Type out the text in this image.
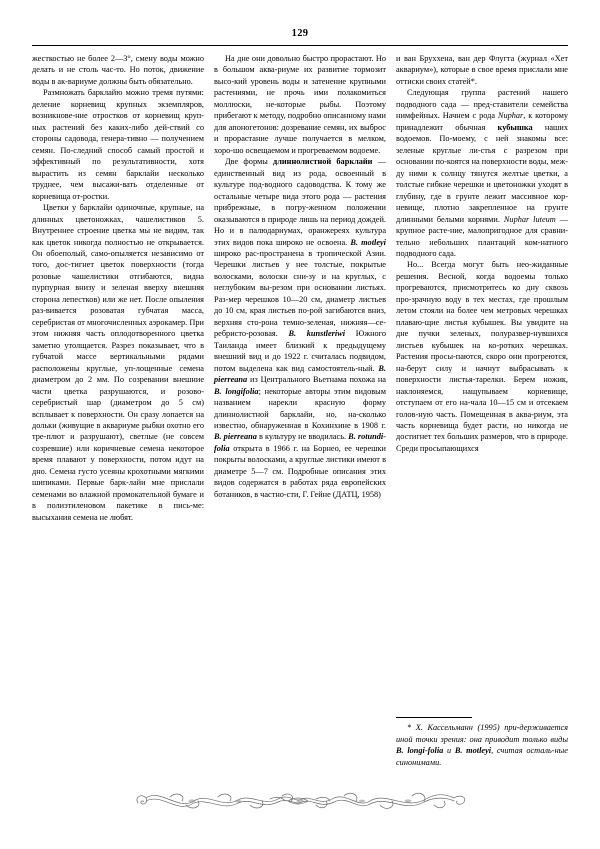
129

жесткостью не более 2—3°, смену воды можно делать и не столь час-то. Но поток, движение воды в ак-вариуме должны быть обязательно.

Размножать барклайю можно тремя путями: деление корневищ крупных экземпляров, возникнове-ние отростков от корневищ круп-ных растений без каких-либо дей-ствий со стороны садовода, генера-тивно — получением семян. По-следний способ самый простой и эффективный по результативности, хотя вырастить из семян барклайи несколько труднее, чем высажи-вать отделенные от корневища от-ростки.

Цветки у барклайи одиночные, крупные, на длинных цветоножках, чашелистиков 5. Внутреннее строение цветка мы не видим, так как цветок никогда полностью не открывается. Он обоеполый, само-опыляется независимо от того, дос-тигнет цветок поверхности (тогда розовые чашелистики отгибаются, видна пурпурная внизу и зеленая вверху внешняя сторона лепестков) или же нет. После опыления раз-вивается розоватая губчатая масса, серебристая от многочисленных аэрокамер. При этом нижняя часть оплодотворенного цветка заметно утолщается. Разрез показывает, что в губчатой массе вертикальными рядами расположены круглые, уп-лощенные семена диаметром до 2 мм. По созревании внешние части цветка разрушаются, и розово-серебристый шар (диаметром до 5 см) всплывает к поверхности. Он сразу лопается на дольки (живущие в аквариуме рыбки охотно его тре-плют и разрушают), светлые (не совсем созревшие) или коричневые семена некоторое время плавают у поверхности, потом идут на дно. Семена густо усеяны крохотными мягкими шипиками. Первые барк-лайи мне прислали семенами во влажной промокательной бумаге и в полиэтиленовом пакетике в пись-ме: высыхания семена не любят.

На дне они довольно быстро прорастают. Но в большом аква-риуме их развитие тормозит высо-кий уровень воды и затенение крупными растениями, не прочь ими полакомиться моллюски, не-которые рыбы. Поэтому прибегают к методу, подробно описанному нами для апоногетонов: дозревание семян, их выброс и прорастание лучше получается в мелком, хоро-шо освещаемом и прогреваемом водоеме.

Две формы длиннолистной барклайи — единственный вид из рода, освоенный в культуре под-водного садоводства. К тому же остальные четыре вида этого рода — растения прибрежные, в погру-женном положении оказываются в природе лишь на период дождей. Но и в палюдариумах, оранжереях культура этих видов пока широко не освоена. B. motleyi широко рас-пространена в тропической Азии. Черешки листьев у нее толстые, покрытые волосками, волоски сни-зу и на круглых, с неглубоким вы-резом при основании листьях. Раз-мер черешков 10—20 см, диаметр листьев до 10 см, края листьев по-рой загибаются вниз, верхняя сто-рона темно-зеленая, нижняя—се-ребристо-розовая. B. kunstleriwi Южного Таиланда имеет близкий к предыдущему внешний вид и до 1922 г. считалась подвидом, потом выделена как вид самостоятель-ный. B. pierreana из Центрального Вьетнама похожа на B. longifolia; некоторые авторы этим видовым названием нарекли красную форму длиннолистной барклайи, но, на-сколько известно, обнаруженная в Кохинхине в 1908 г. B. pierreana в культуру не вводилась. B. rotundi-folia открыта в 1966 г. на Борнео, ее черешки покрыты волосками, а круглые листики имеют в диаметре 5—7 см. Подробные описания этих видов содержатся в работах ряда европейских ботаников, в частно-сти, Г. Гейне (ДАТЦ, 1958)

и ван Бруххена, ван дер Флугта (журнал «Хет аквариум»), которые в свое время прислали мне оттиски своих статей*.

Следующая группа растений нашего подводного сада — пред-ставители семейства нимфейных. Начнем с рода Nuphar, к которому принадлежит обычная кубышка наших водоемов. По-моему, с ней знакомы все: зеленые круглые ли-стья с разрезом при основании по-коятся на поверхности воды, меж-ду ними к солнцу тянутся желтые цветки, а толстые гибкие черешки и цветоножки уходят в глубину, где в грунте лежит массивное кор-невище, плотно закрепленное на грунте длинными белыми корнями. Nuphar luteum — крупное расте-ние, малопригодное для сравни-тельно небольших плантаций ком-натного подводного сада.

Но... Всегда могут быть нео-жиданные решения. Весной, когда водоемы только прогреваются, присмотритесь ко дну сквозь про-зрачную воду в тех местах, где прошлым летом стояли на более чем метровых черешках плаваю-щие листья кубышек. Вы увидите на дне пучки зеленых, полуразвер-нувшихся листьев кубышек на ко-ротких черешках. Растения просы-паются, скоро они прогреются, на-берут силу и начнут выбрасывать к поверхности листья-тарелки. Берем ножик, наклоняемся, нащупываем корневище, отступаем от его на-чала 10—15 см и отсекаем голов-ную часть. Помещенная в аква-риум, эта часть корневища будет расти, но никогда не достигнет тех больших размеров, что в природе. Среди просыпающихся

* Х. Кассельманн (1995) при-держивается иной точки зрения: она приводит только виды B. longi-folia и B. motleyi, считая осталь-ные синонимами.
